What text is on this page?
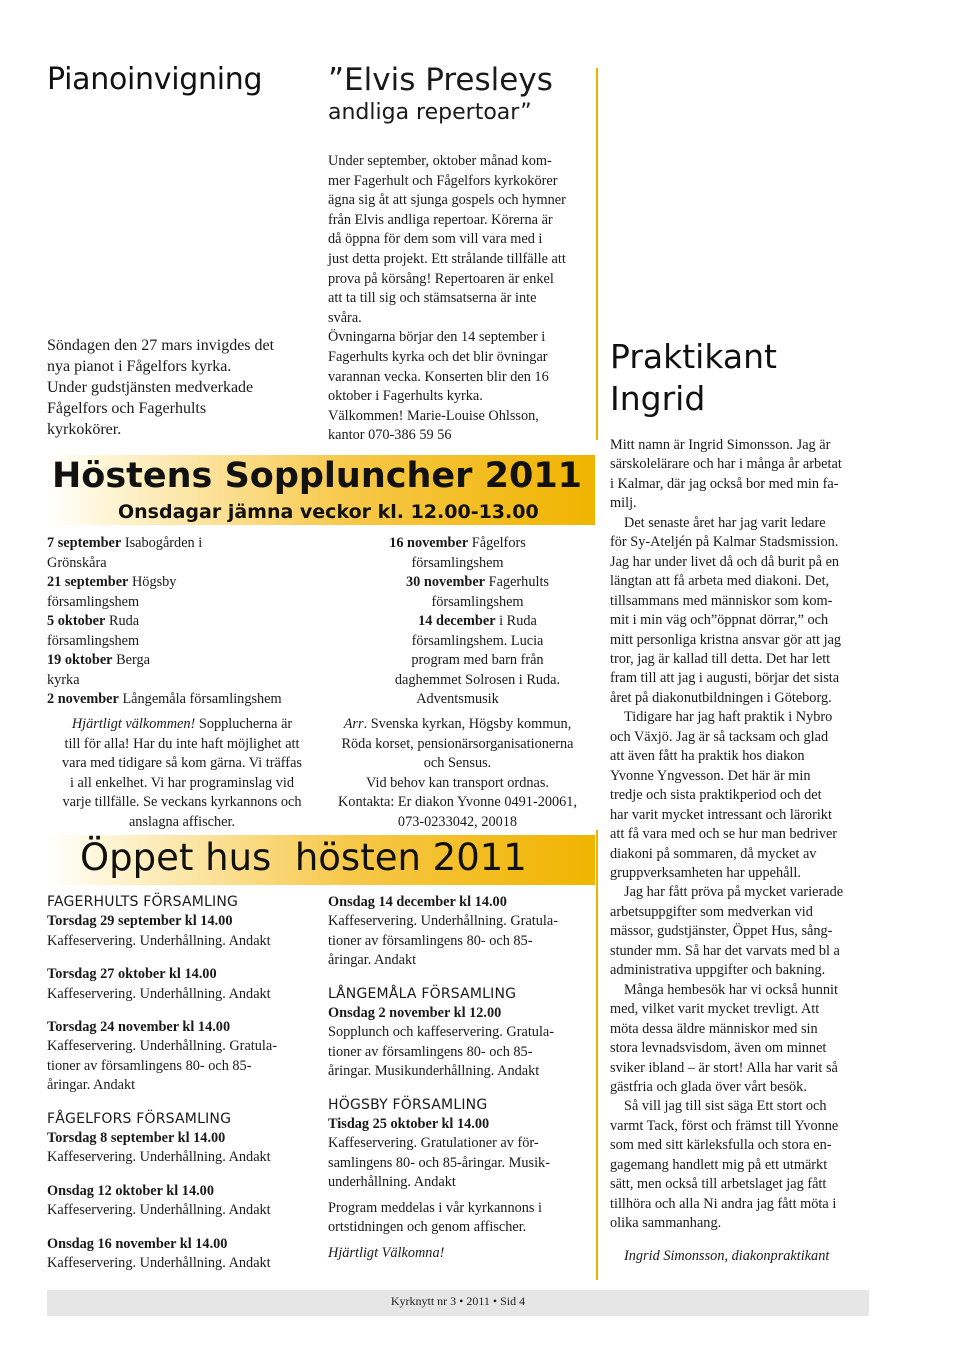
Pianoinvigning
Söndagen den 27 mars invigdes det
nya pianot i Fågelfors kyrka.
Under gudstjänsten medverkade
Fågelfors och Fagerhults
kyrkokörer.
”Elvis Presleys
andliga repertoar”
Under september, oktober månad kom-
mer Fagerhult och Fågelfors kyrkokörer
ägna sig åt att sjunga gospels och hymner
från Elvis andliga repertoar. Körerna är
då öppna för dem som vill vara med i
just detta projekt. Ett strålande tillfälle att
prova på körsång! Repertoaren är enkel
att ta till sig och stämsatserna är inte
svåra.
Övningarna börjar den 14 september i
Fagerhults kyrka och det blir övningar
varannan vecka. Konserten blir den 16
oktober i Fagerhults kyrka.
Välkommen! Marie-Louise Ohlsson,
kantor 070-386 59 56
Höstens Soppluncher 2011
Onsdagar jämna veckor kl. 12.00-13.00
7 september Isabogården i
Grönskåra
21 september Högsby
församlingshem
5 oktober Ruda
församlingshem
19 oktober Berga
kyrka
2 november Långemåla församlingshem
Hjärtligt välkommen! Sopplucherna är
till för alla! Har du inte haft möjlighet att
vara med tidigare så kom gärna. Vi träffas
i all enkelhet. Vi har programinslag vid
varje tillfälle. Se veckans kyrkannons och
anslagna affischer.
16 november Fågelfors
församlingshem
30 november Fagerhults
församlingshem
14 december i Ruda
församlingshem. Lucia
program med barn från
daghemmet Solrosen i Ruda.
Adventsmusik
Arr. Svenska kyrkan, Högsby kommun,
Röda korset, pensionärsorganisationerna
och Sensus.
Vid behov kan transport ordnas.
Kontakta: Er diakon Yvonne 0491-20061,
073-0233042, 20018
Öppet hus  hösten 2011
FAGERHULTS FÖRSAMLING
Torsdag 29 september kl 14.00
Kaffeservering. Underhållning. Andakt
Torsdag 27 oktober kl 14.00
Kaffeservering. Underhållning. Andakt
Torsdag 24 november kl 14.00
Kaffeservering. Underhållning. Gratula-
tioner av församlingens 80- och 85-
åringar. Andakt
FÅGELFORS FÖRSAMLING
Torsdag 8 september kl 14.00
Kaffeservering. Underhållning. Andakt
Onsdag 12 oktober kl 14.00
Kaffeservering. Underhållning. Andakt
Onsdag 16 november kl 14.00
Kaffeservering. Underhållning. Andakt
Onsdag 14 december kl 14.00
Kaffeservering. Underhållning. Gratula-
tioner av församlingens 80- och 85-
åringar. Andakt
LÅNGEMÅLA FÖRSAMLING
Onsdag 2 november kl 12.00
Sopplunch och kaffeservering. Gratula-
tioner av församlingens 80- och 85-
åringar. Musikunderhållning. Andakt
HÖGSBY FÖRSAMLING
Tisdag 25 oktober kl 14.00
Kaffeservering. Gratulationer av för-
samlingens 80- och 85-åringar. Musik-
underhållning. Andakt
Program meddelas i vår kyrkannons i
ortstidningen och genom affischer.
Hjärtligt Välkomna!
Praktikant
Ingrid
Mitt namn är Ingrid Simonsson. Jag är
särskolelärare och har i många år arbetat
i Kalmar, där jag också bor med min fa-
milj.
Det senaste året har jag varit ledare
för Sy-Ateljén på Kalmar Stadsmission.
Jag har under livet då och då burit på en
längtan att få arbeta med diakoni. Det,
tillsammans med människor som kom-
mit i min väg och”öppnat dörrar,” och
mitt personliga kristna ansvar gör att jag
tror, jag är kallad till detta. Det har lett
fram till att jag i augusti, börjar det sista
året på diakonutbildningen i Göteborg.
Tidigare har jag haft praktik i Nybro
och Växjö. Jag är så tacksam och glad
att även fått ha praktik hos diakon
Yvonne Yngvesson. Det här är min
tredje och sista praktikperiod och det
har varit mycket intressant och lärorikt
att få vara med och se hur man bedriver
diakoni på sommaren, då mycket av
gruppverksamheten har uppehåll.
Jag har fått pröva på mycket varierade
arbetsuppgifter som medverkan vid
mässor, gudstjänster, Öppet Hus, sång-
stunder mm. Så har det varvats med bl a
administrativa uppgifter och bakning.
Många hembesök har vi också hunnit
med, vilket varit mycket trevligt. Att
möta dessa äldre människor med sin
stora levnadsvisdom, även om minnet
sviker ibland – är stort! Alla har varit så
gästfria och glada över vårt besök.
Så vill jag till sist säga Ett stort och
varmt Tack, först och främst till Yvonne
som med sitt kärleksfulla och stora en-
gagemang handlett mig på ett utmärkt
sätt, men också till arbetslaget jag fått
tillhöra och alla Ni andra jag fått möta i
olika sammanhang.
Ingrid Simonsson, diakonpraktikant
Kyrknytt nr 3 • 2011 • Sid 4
